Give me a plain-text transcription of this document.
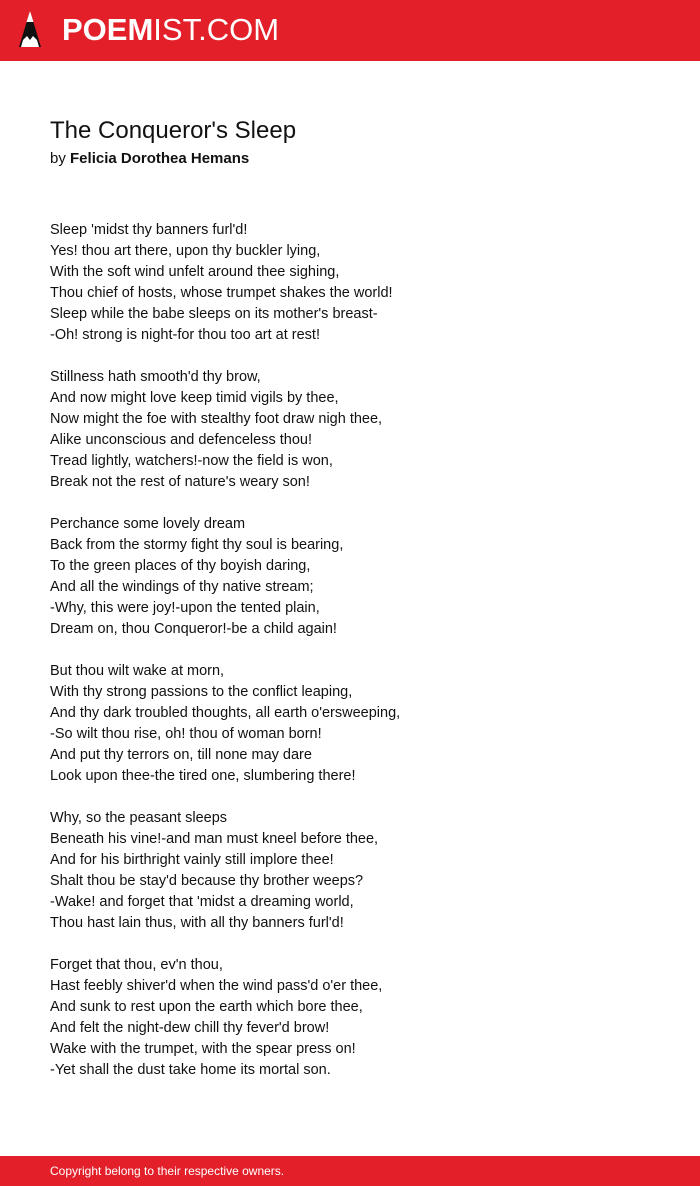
POEMIST.COM
The Conqueror's Sleep

by Felicia Dorothea Hemans

Sleep 'midst thy banners furl'd!
Yes! thou art there, upon thy buckler lying,
With the soft wind unfelt around thee sighing,
Thou chief of hosts, whose trumpet shakes the world!
Sleep while the babe sleeps on its mother's breast-
-Oh! strong is night-for thou too art at rest!
Stillness hath smooth'd thy brow,
And now might love keep timid vigils by thee,
Now might the foe with stealthy foot draw nigh thee,
Alike unconscious and defenceless thou!
Tread lightly, watchers!-now the field is won,
Break not the rest of nature's weary son!
Perchance some lovely dream
Back from the stormy fight thy soul is bearing,
To the green places of thy boyish daring,
And all the windings of thy native stream;
-Why, this were joy!-upon the tented plain,
Dream on, thou Conqueror!-be a child again!
But thou wilt wake at morn,
With thy strong passions to the conflict leaping,
And thy dark troubled thoughts, all earth o'ersweeping,
-So wilt thou rise, oh! thou of woman born!
And put thy terrors on, till none may dare
Look upon thee-the tired one, slumbering there!
Why, so the peasant sleeps
Beneath his vine!-and man must kneel before thee,
And for his birthright vainly still implore thee!
Shalt thou be stay'd because thy brother weeps?
-Wake! and forget that 'midst a dreaming world,
Thou hast lain thus, with all thy banners furl'd!
Forget that thou, ev'n thou,
Hast feebly shiver'd when the wind pass'd o'er thee,
And sunk to rest upon the earth which bore thee,
And felt the night-dew chill thy fever'd brow!
Wake with the trumpet, with the spear press on!
-Yet shall the dust take home its mortal son.
Copyright belong to their respective owners.
